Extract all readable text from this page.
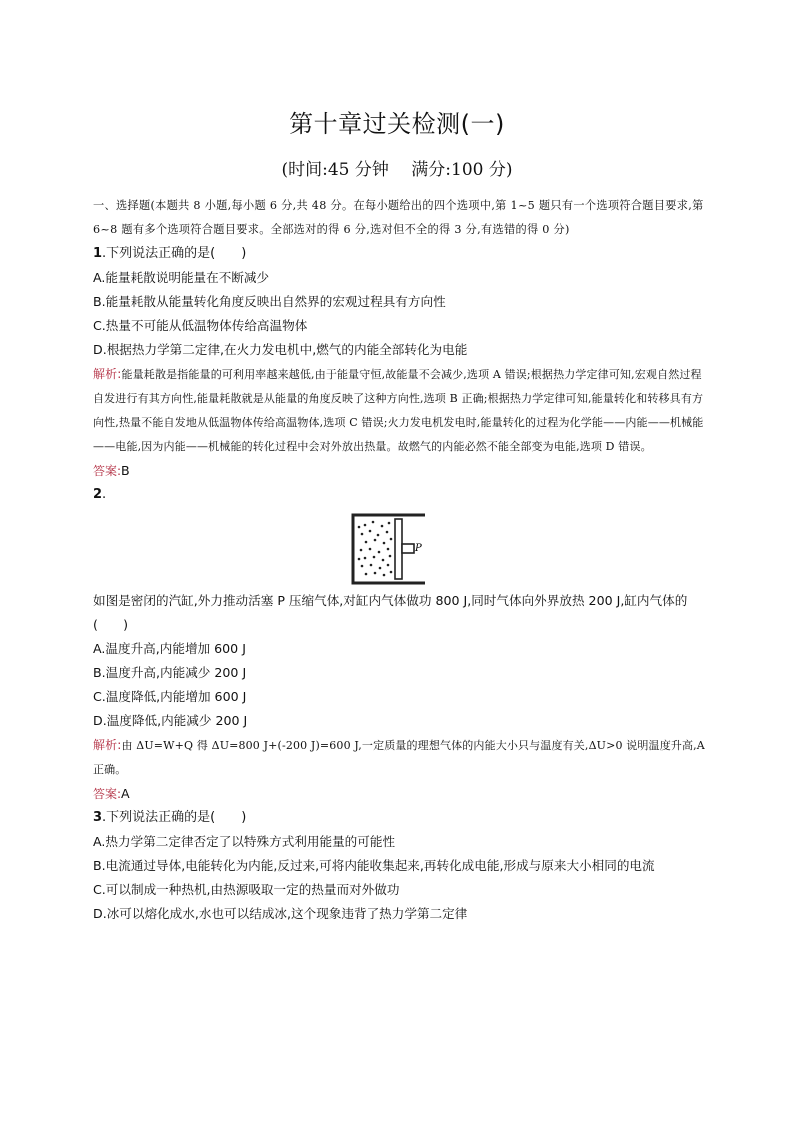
第十章过关检测(一)
(时间:45 分钟　 满分:100 分)

一、选择题(本题共 8 小题,每小题 6 分,共 48 分。在每小题给出的四个选项中,第 1~5 题只有一个选项符合题目要求,第 6~8 题有多个选项符合题目要求。全部选对的得 6 分,选对但不全的得 3 分,有选错的得 0 分)

1.下列说法正确的是(　　)

A.能量耗散说明能量在不断减少

B.能量耗散从能量转化角度反映出自然界的宏观过程具有方向性

C.热量不可能从低温物体传给高温物体

D.根据热力学第二定律,在火力发电机中,燃气的内能全部转化为电能

解析:能量耗散是指能量的可利用率越来越低,由于能量守恒,故能量不会减少,选项 A 错误;根据热力学定律可知,宏观自然过程自发进行有其方向性,能量耗散就是从能量的角度反映了这种方向性,选项 B 正确;根据热力学定律可知,能量转化和转移具有方向性,热量不能自发地从低温物体传给高温物体,选项 C 错误;火力发电机发电时,能量转化的过程为化学能——内能——机械能——电能,因为内能——机械能的转化过程中会对外放出热量。故燃气的内能必然不能全部变为电能,选项 D 错误。

答案:B

2.

P

如图是密闭的汽缸,外力推动活塞 P 压缩气体,对缸内气体做功 800 J,同时气体向外界放热 200 J,缸内气体的(　　)

A.温度升高,内能增加 600 J

B.温度升高,内能减少 200 J

C.温度降低,内能增加 600 J

D.温度降低,内能减少 200 J

解析:由 ΔU=W+Q 得 ΔU=800 J+(-200 J)=600 J,一定质量的理想气体的内能大小只与温度有关,ΔU>0 说明温度升高,A 正确。

答案:A

3.下列说法正确的是(　　)

A.热力学第二定律否定了以特殊方式利用能量的可能性

B.电流通过导体,电能转化为内能,反过来,可将内能收集起来,再转化成电能,形成与原来大小相同的电流

C.可以制成一种热机,由热源吸取一定的热量而对外做功

D.冰可以熔化成水,水也可以结成冰,这个现象违背了热力学第二定律
